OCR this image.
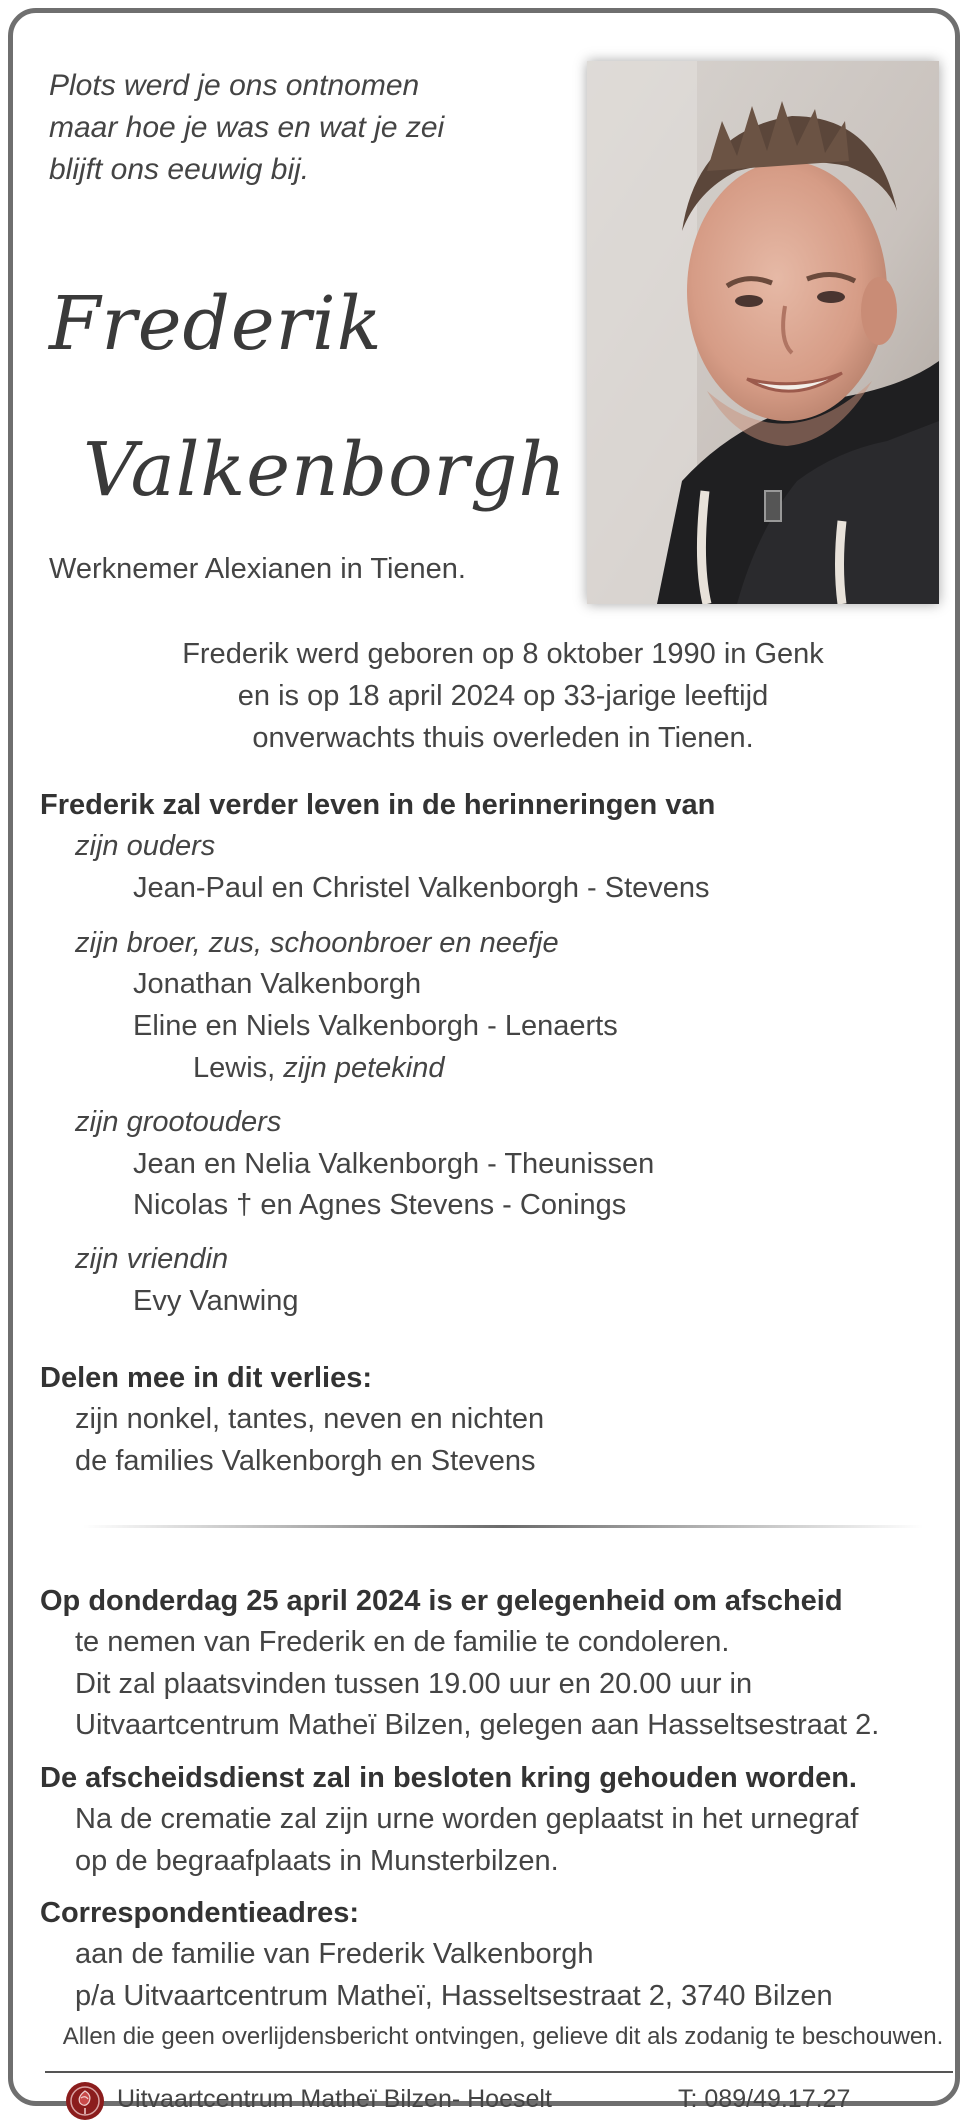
Plots werd je ons ontnomen
maar hoe je was en wat je zei
blijft ons eeuwig bij.
Frederik
Valkenborgh
Werknemer Alexianen in Tienen.
Frederik werd geboren op 8 oktober 1990 in Genk
en is op 18 april 2024 op 33-jarige leeftijd
onverwachts thuis overleden in Tienen.
Frederik zal verder leven in de herinneringen van
zijn ouders
Jean-Paul en Christel Valkenborgh - Stevens
zijn broer, zus, schoonbroer en neefje
Jonathan Valkenborgh
Eline en Niels Valkenborgh - Lenaerts
Lewis, zijn petekind
zijn grootouders
Jean en Nelia Valkenborgh - Theunissen
Nicolas † en Agnes Stevens - Conings
zijn vriendin
Evy Vanwing
Delen mee in dit verlies:
zijn nonkel, tantes, neven en nichten
de families Valkenborgh en Stevens
Op donderdag 25 april 2024 is er gelegenheid om afscheid
te nemen van Frederik en de familie te condoleren.
Dit zal plaatsvinden tussen 19.00 uur en 20.00 uur in
Uitvaartcentrum Matheï Bilzen, gelegen aan Hasseltsestraat 2.
De afscheidsdienst zal in besloten kring gehouden worden.
Na de crematie zal zijn urne worden geplaatst in het urnegraf
op de begraafplaats in Munsterbilzen.
Correspondentieadres:
aan de familie van Frederik Valkenborgh
p/a Uitvaartcentrum Matheï, Hasseltsestraat 2, 3740 Bilzen
Allen die geen overlijdensbericht ontvingen, gelieve dit als zodanig te beschouwen.
Uitvaartcentrum Matheï Bilzen- Hoeselt	T: 089/49.17.27
